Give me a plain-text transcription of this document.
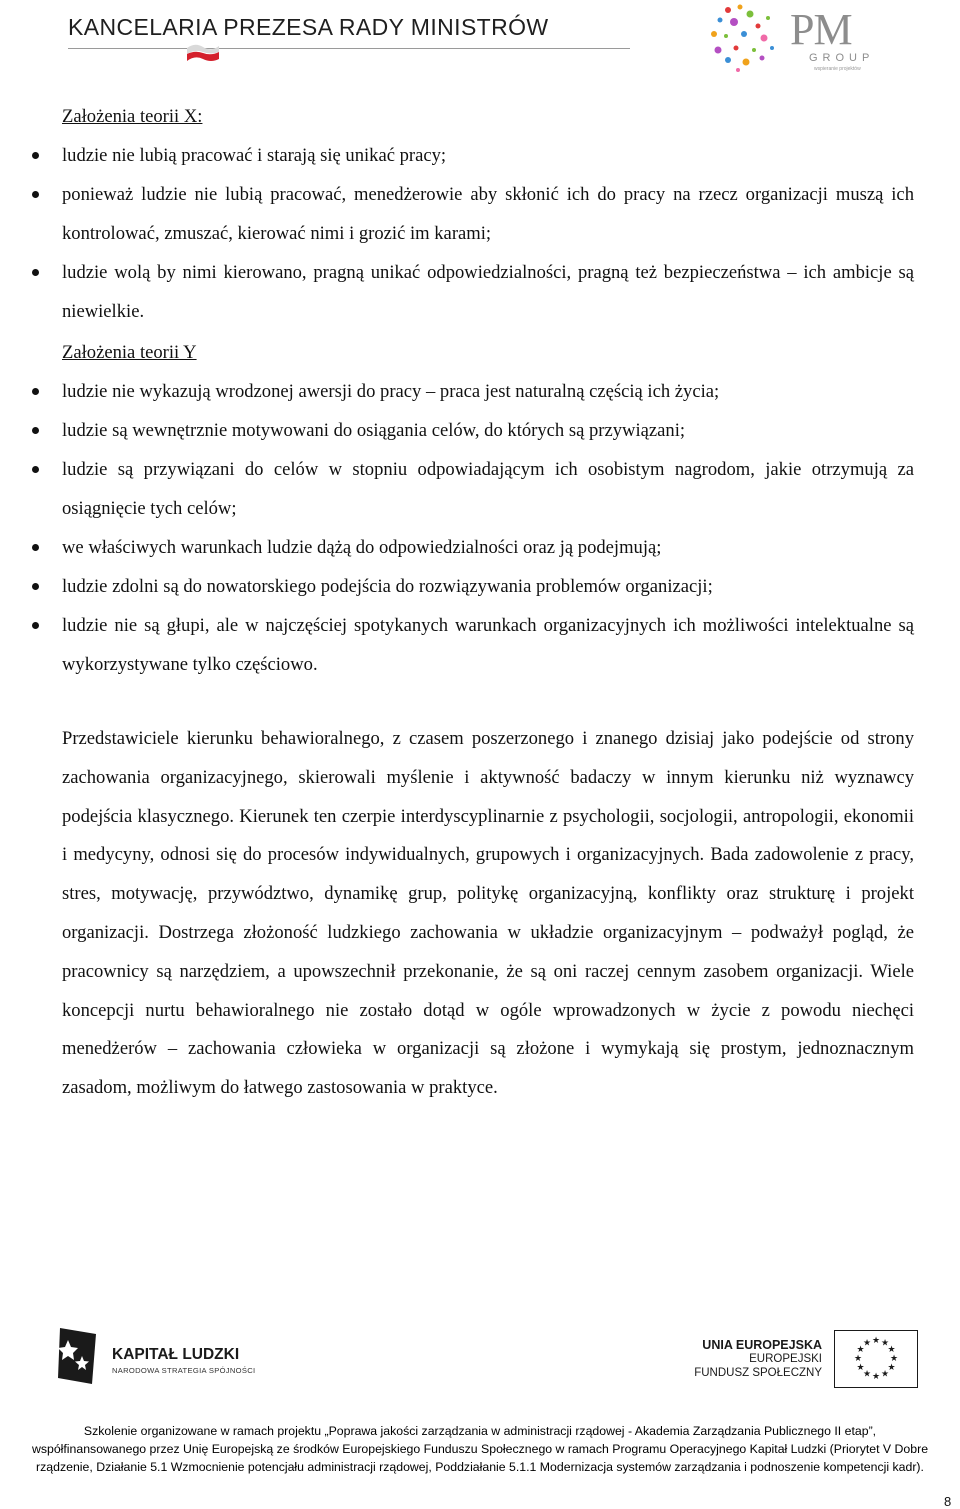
KANCELARIA PREZESA RADY MINISTRÓW	PM
GROUP
wspieranie projektów
Założenia teorii X:
ludzie nie lubią pracować i starają się unikać pracy;
ponieważ ludzie nie lubią pracować, menedżerowie aby skłonić ich do pracy na rzecz organizacji muszą ich kontrolować, zmuszać, kierować nimi i grozić im karami;
ludzie wolą by nimi kierowano, pragną unikać odpowiedzialności, pragną też bezpieczeństwa – ich ambicje są niewielkie.
Założenia teorii Y
ludzie nie wykazują wrodzonej awersji do pracy – praca jest naturalną częścią ich życia;
ludzie są wewnętrznie motywowani do osiągania celów, do których są przywiązani;
ludzie są przywiązani do celów w stopniu odpowiadającym ich osobistym nagrodom, jakie otrzymują za osiągnięcie tych celów;
we właściwych warunkach ludzie dążą do odpowiedzialności oraz ją podejmują;
ludzie zdolni są do nowatorskiego podejścia do rozwiązywania problemów organizacji;
ludzie nie są głupi, ale w najczęściej spotykanych warunkach organizacyjnych ich możliwości intelektualne są wykorzystywane tylko częściowo.

Przedstawiciele kierunku behawioralnego, z czasem poszerzonego i znanego dzisiaj jako podejście od strony zachowania organizacyjnego, skierowali myślenie i aktywność badaczy w innym kierunku niż wyznawcy podejścia klasycznego. Kierunek ten czerpie interdyscyplinarnie z psychologii, socjologii, antropologii, ekonomii i medycyny, odnosi się do procesów indywidualnych, grupowych i organizacyjnych. Bada zadowolenie z pracy, stres, motywację, przywództwo, dynamikę grup, politykę organizacyjną, konflikty oraz strukturę i projekt organizacji. Dostrzega złożoność ludzkiego zachowania w układzie organizacyjnym – podważył pogląd, że pracownicy są narzędziem, a upowszechnił przekonanie, że są oni raczej cennym zasobem organizacji. Wiele koncepcji nurtu behawioralnego nie zostało dotąd w ogóle wprowadzonych w życie z powodu niechęci menedżerów – zachowania człowieka w organizacji są złożone i wymykają się prostym, jednoznacznym zasadom, możliwym do łatwego zastosowania w praktyce.

KAPITAŁ LUDZKI
NARODOWA STRATEGIA SPÓJNOŚCI
UNIA EUROPEJSKA
EUROPEJSKI
FUNDUSZ SPOŁECZNY
★ ★
★
★
★
★
★
★
★
★
★
★
Szkolenie organizowane w ramach projektu „Poprawa jakości zarządzania w administracji rządowej - Akademia Zarządzania Publicznego II etap”,
współfinansowanego przez Unię Europejską ze środków Europejskiego Funduszu Społecznego w ramach Programu Operacyjnego Kapitał Ludzki (Priorytet V Dobre
rządzenie, Działanie 5.1 Wzmocnienie potencjału administracji rządowej, Poddziałanie 5.1.1 Modernizacja systemów zarządzania i podnoszenie kompetencji kadr).
8
